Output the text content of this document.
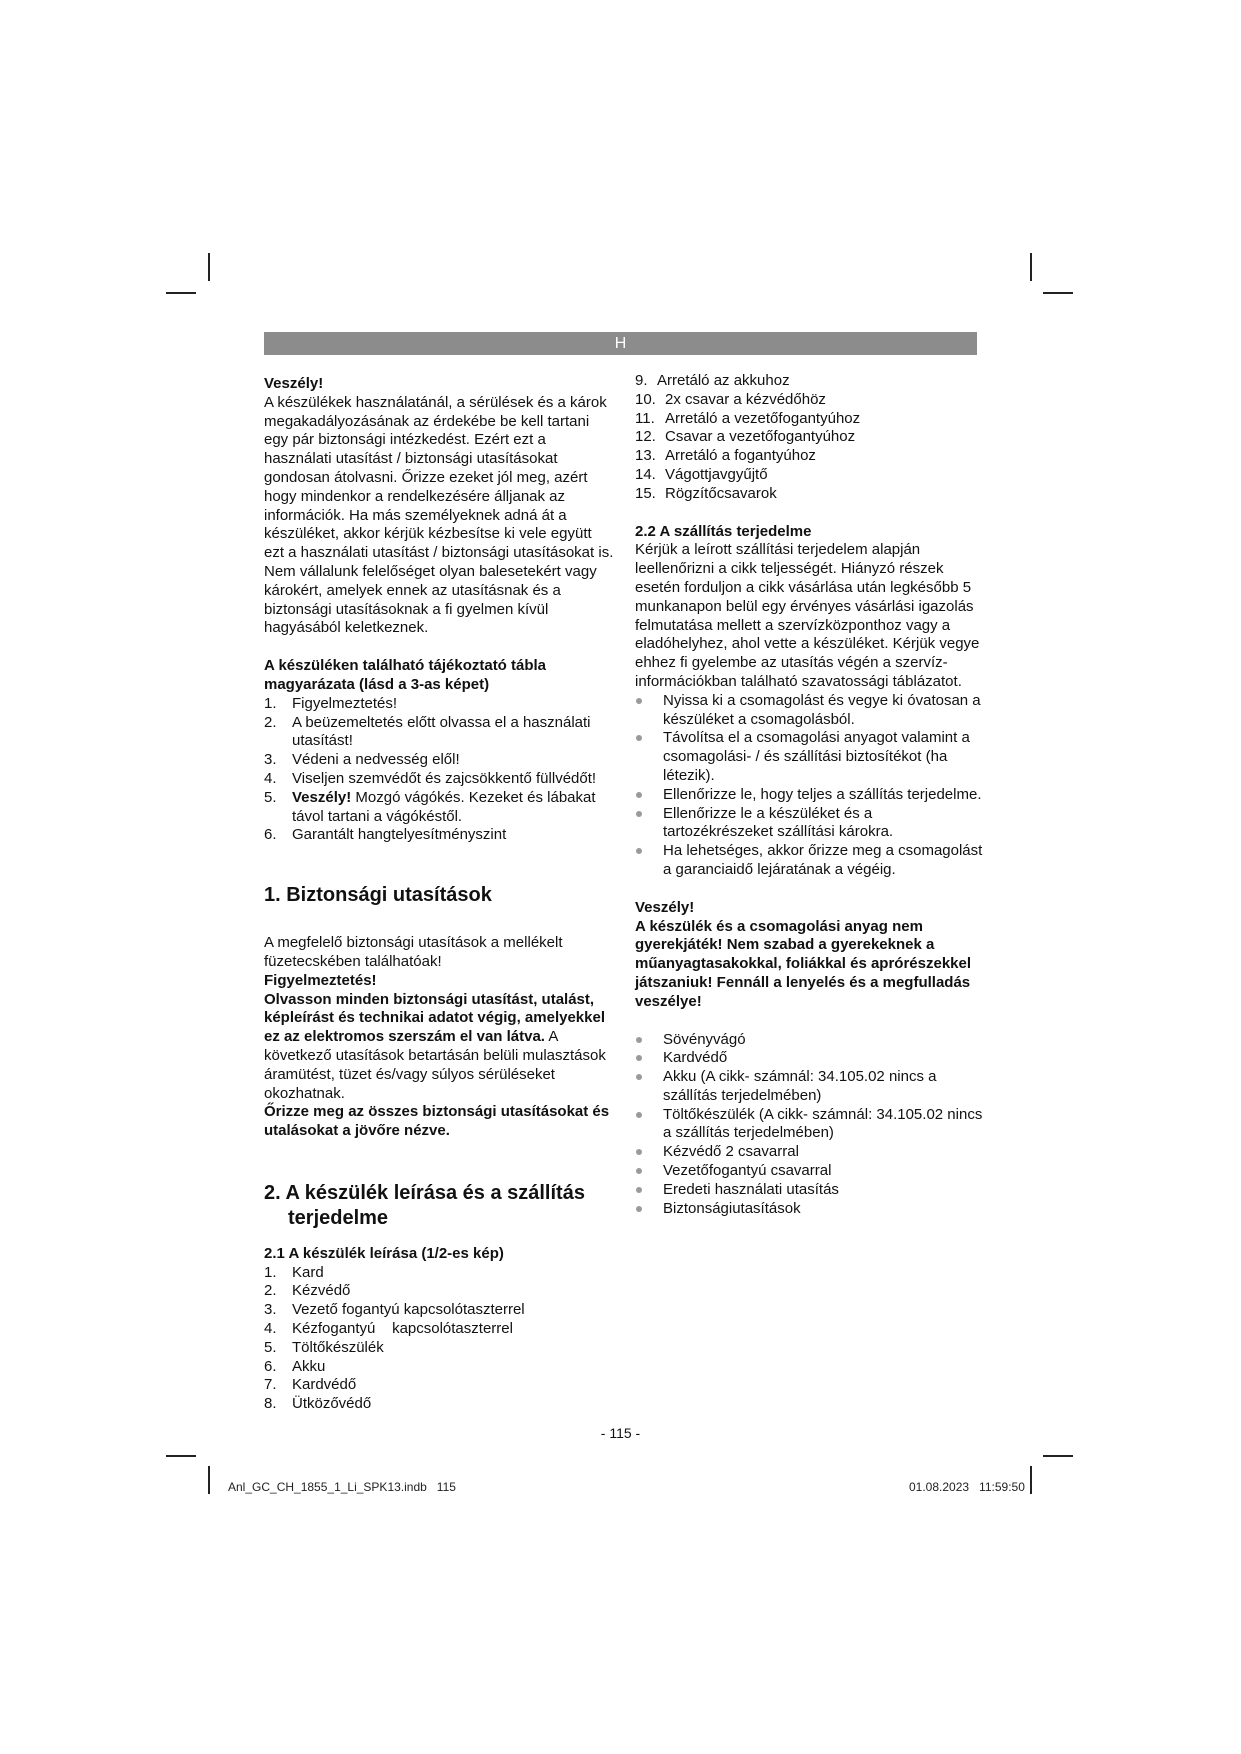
H

Veszély!

A készülékek használatánál, a sérülések és a károk megakadályozásának az érdekébe be kell tartani egy pár biztonsági intézkedést. Ezért ezt a használati utasítást / biztonsági utasításokat gondosan átolvasni. Őrizze ezeket jól meg, azért hogy mindenkor a rendelkezésére álljanak az információk. Ha más személyeknek adná át a készüléket, akkor kérjük kézbesítse ki vele együtt ezt a használati utasítást / biztonsági utasításokat is. Nem vállalunk felelőséget olyan balesetekért vagy károkért, amelyek ennek az utasításnak és a biztonsági utasításoknak a fi gyelmen kívül hagyásából keletkeznek.

A készüléken található tájékoztató tábla magyarázata (lásd a 3-as képet)

1. Figyelmeztetés!
2. A beüzemeltetés előtt olvassa el a használati utasítást!
3. Védeni a nedvesség elől!
4. Viseljen szemvédőt és zajcsökkentő füllvédőt!
5. Veszély! Mozgó vágókés. Kezeket és lábakat távol tartani a vágókéstől.
6. Garantált hangtelyesítményszint

1. Biztonsági utasítások

A megfelelő biztonsági utasítások a mellékelt füzetecskében találhatóak!

Figyelmeztetés!

Olvasson minden biztonsági utasítást, utalást, képleírást és technikai adatot végig, amelyekkel ez az elektromos szerszám el van látva. A következő utasítások betartásán belüli mulasztások áramütést, tüzet és/vagy súlyos sérüléseket okozhatnak.

Őrizze meg az összes biztonsági utasításokat és utalásokat a jövőre nézve.

2. A készülék leírása és a szállítás

terjedelme

2.1 A készülék leírása (1/2-es kép)

1. Kard
2. Kézvédő
3. Vezető fogantyú kapcsolótaszterrel
4. Kézfogantyú    kapcsolótaszterrel
5. Töltőkészülék
6. Akku
7. Kardvédő
8. Ütközővédő
9. Arretáló az akkuhoz
10. 2x csavar a kézvédőhöz
11. Arretáló a vezetőfogantyúhoz
12. Csavar a vezetőfogantyúhoz
13. Arretáló a fogantyúhoz
14. Vágottjavgyűjtő
15. Rögzítőcsavarok

2.2 A szállítás terjedelme

Kérjük a leírott szállítási terjedelem alapján leellenőrizni a cikk teljességét. Hiányzó részek esetén forduljon a cikk vásárlása után legkésőbb 5 munkanapon belül egy érvényes vásárlási igazolás felmutatása mellett a szervízközponthoz vagy a eladóhelyhez, ahol vette a készüléket. Kérjük vegye ehhez fi gyelembe az utasítás végén a szervíz-információkban található szavatossági táblázatot.

Nyissa ki a csomagolást és vegye ki óvatosan a készüléket a csomagolásból.
Távolítsa el a csomagolási anyagot valamint a csomagolási- / és szállítási biztosítékot (ha létezik).
Ellenőrizze le, hogy teljes a szállítás terjedelme.
Ellenőrizze le a készüléket és a tartozékrészeket szállítási károkra.
Ha lehetséges, akkor őrizze meg a csomagolást a garanciaidő lejáratának a végéig.

Veszély!

A készülék és a csomagolási anyag nem gyerekjáték! Nem szabad a gyerekeknek a műanyagtasakokkal, foliákkal és aprórészekkel játszaniuk! Fennáll a lenyelés és a megfulladás veszélye!

Sövényvágó
Kardvédő
Akku (A cikk- számnál: 34.105.02 nincs a szállítás terjedelmében)
Töltőkészülék (A cikk- számnál: 34.105.02 nincs a szállítás terjedelmében)
Kézvédő 2 csavarral
Vezetőfogantyú csavarral
Eredeti használati utasítás
Biztonságiutasítások
- 115 -
Anl_GC_CH_1855_1_Li_SPK13.indb   115	01.08.2023   11:59:50
